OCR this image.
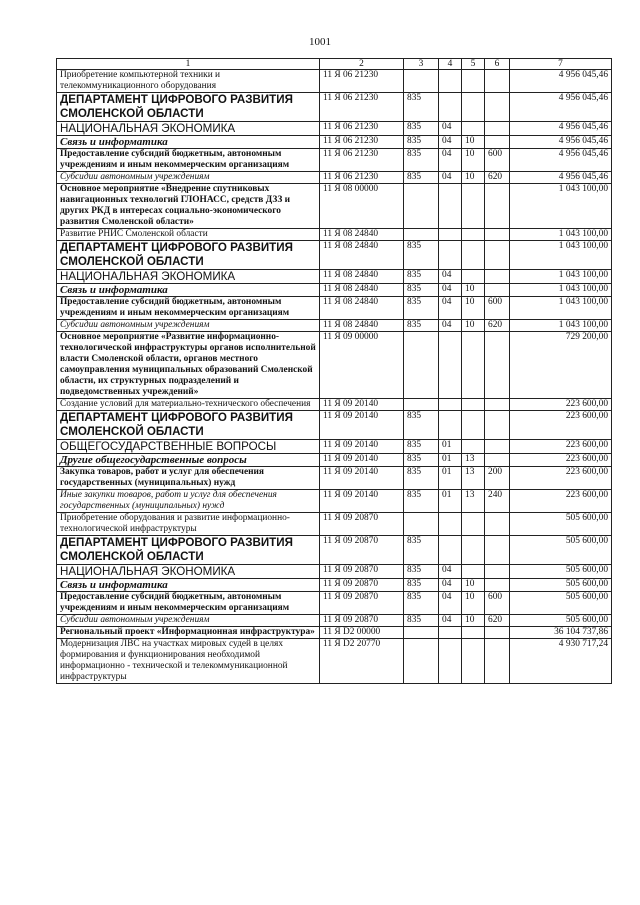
1001
1	2	3	4	5	6	7
Приобретение компьютерной техники и телекоммуникационного оборудования	11 Я 06 21230					4 956 045,46
ДЕПАРТАМЕНТ ЦИФРОВОГО РАЗВИТИЯ СМОЛЕНСКОЙ ОБЛАСТИ	11 Я 06 21230	835				4 956 045,46
НАЦИОНАЛЬНАЯ ЭКОНОМИКА	11 Я 06 21230	835	04			4 956 045,46
Связь и информатика	11 Я 06 21230	835	04	10		4 956 045,46
Предоставление субсидий бюджетным, автономным учреждениям и иным некоммерческим организациям	11 Я 06 21230	835	04	10	600	4 956 045,46
Субсидии автономным учреждениям	11 Я 06 21230	835	04	10	620	4 956 045,46
Основное мероприятие «Внедрение спутниковых навигационных технологий ГЛОНАСС, средств ДЗЗ и других РКД в интересах социально-экономического развития Смоленской области»	11 Я 08 00000					1 043 100,00
Развитие РНИС Смоленской области	11 Я 08 24840					1 043 100,00
ДЕПАРТАМЕНТ ЦИФРОВОГО РАЗВИТИЯ СМОЛЕНСКОЙ ОБЛАСТИ	11 Я 08 24840	835				1 043 100,00
НАЦИОНАЛЬНАЯ ЭКОНОМИКА	11 Я 08 24840	835	04			1 043 100,00
Связь и информатика	11 Я 08 24840	835	04	10		1 043 100,00
Предоставление субсидий бюджетным, автономным учреждениям и иным некоммерческим организациям	11 Я 08 24840	835	04	10	600	1 043 100,00
Субсидии автономным учреждениям	11 Я 08 24840	835	04	10	620	1 043 100,00
Основное мероприятие «Развитие информационно-технологической инфраструктуры органов исполнительной власти Смоленской области, органов местного самоуправления муниципальных образований Смоленской области, их структурных подразделений и подведомственных учреждений»	11 Я 09 00000					729 200,00
Создание условий для материально-технического обеспечения	11 Я 09 20140					223 600,00
ДЕПАРТАМЕНТ ЦИФРОВОГО РАЗВИТИЯ СМОЛЕНСКОЙ ОБЛАСТИ	11 Я 09 20140	835				223 600,00
ОБЩЕГОСУДАРСТВЕННЫЕ ВОПРОСЫ	11 Я 09 20140	835	01			223 600,00
Другие общегосударственные вопросы	11 Я 09 20140	835	01	13		223 600,00
Закупка товаров, работ и услуг для обеспечения государственных (муниципальных) нужд	11 Я 09 20140	835	01	13	200	223 600,00
Иные закупки товаров, работ и услуг для обеспечения государственных (муниципальных) нужд	11 Я 09 20140	835	01	13	240	223 600,00
Приобретение оборудования и развитие информационно-технологической инфраструктуры	11 Я 09 20870					505 600,00
ДЕПАРТАМЕНТ ЦИФРОВОГО РАЗВИТИЯ СМОЛЕНСКОЙ ОБЛАСТИ	11 Я 09 20870	835				505 600,00
НАЦИОНАЛЬНАЯ ЭКОНОМИКА	11 Я 09 20870	835	04			505 600,00
Связь и информатика	11 Я 09 20870	835	04	10		505 600,00
Предоставление субсидий бюджетным, автономным учреждениям и иным некоммерческим организациям	11 Я 09 20870	835	04	10	600	505 600,00
Субсидии автономным учреждениям	11 Я 09 20870	835	04	10	620	505 600,00
Региональный проект «Информационная инфраструктура»	11 Я D2 00000					36 104 737,86
Модернизация ЛВС на участках мировых судей в целях формирования и функционирования необходимой информационно - технической и телекоммуникационной инфраструктуры	11 Я D2 20770					4 930 717,24
